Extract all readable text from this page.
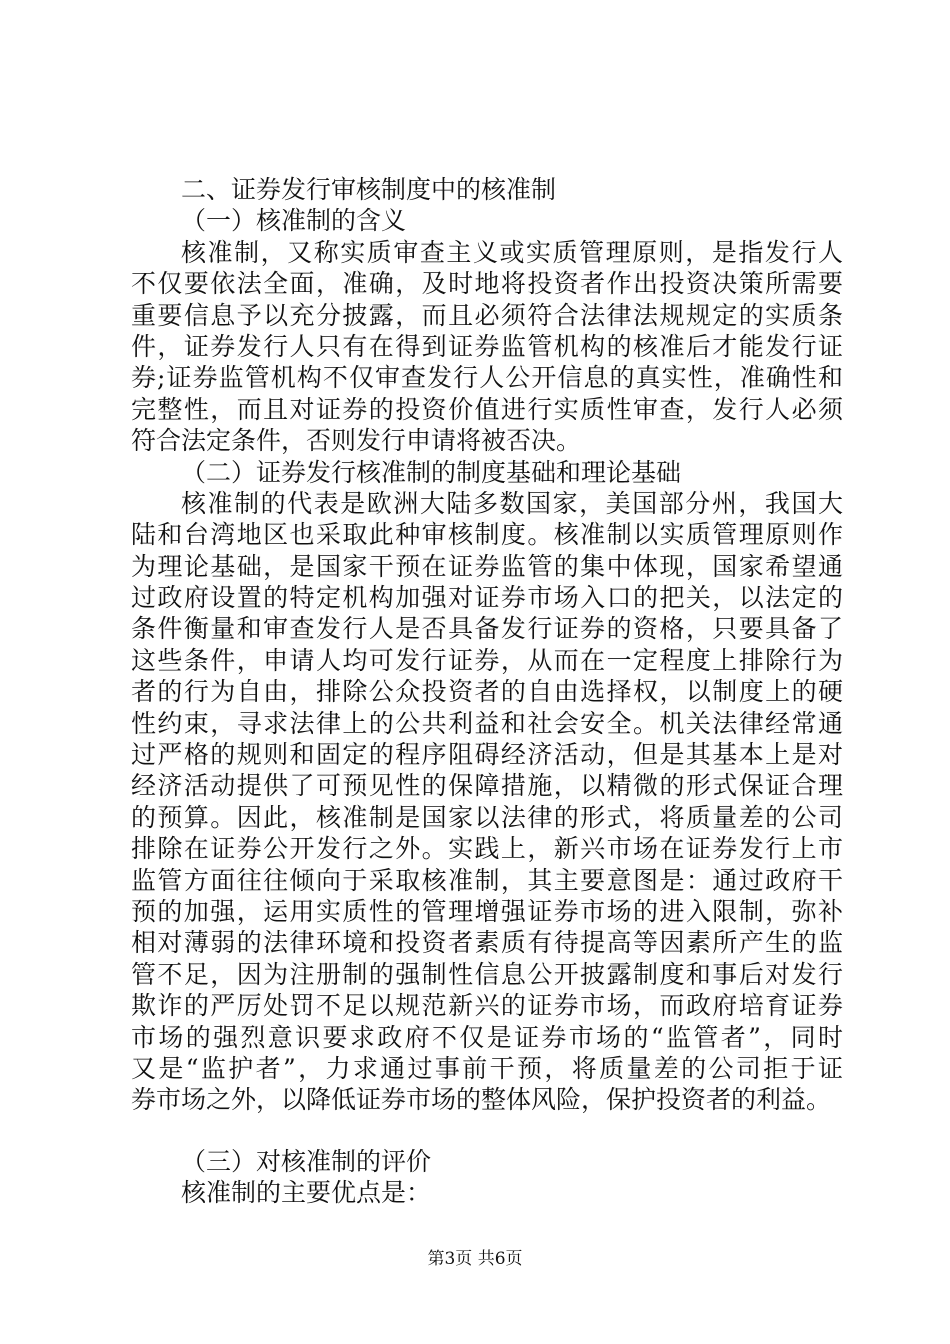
二、证券发行审核制度中的核准制
（一）核准制的含义
核准制，又称实质审查主义或实质管理原则，是指发行人
不仅要依法全面，准确，及时地将投资者作出投资决策所需要
重要信息予以充分披露，而且必须符合法律法规规定的实质条
件，证券发行人只有在得到证券监管机构的核准后才能发行证
券;证券监管机构不仅审查发行人公开信息的真实性，准确性和
完整性，而且对证券的投资价值进行实质性审查，发行人必须
符合法定条件，否则发行申请将被否决。
（二）证券发行核准制的制度基础和理论基础
核准制的代表是欧洲大陆多数国家，美国部分州，我国大
陆和台湾地区也采取此种审核制度。核准制以实质管理原则作
为理论基础，是国家干预在证券监管的集中体现，国家希望通
过政府设置的特定机构加强对证券市场入口的把关，以法定的
条件衡量和审查发行人是否具备发行证券的资格，只要具备了
这些条件，申请人均可发行证券，从而在一定程度上排除行为
者的行为自由，排除公众投资者的自由选择权，以制度上的硬
性约束，寻求法律上的公共利益和社会安全。机关法律经常通
过严格的规则和固定的程序阻碍经济活动，但是其基本上是对
经济活动提供了可预见性的保障措施，以精微的形式保证合理
的预算。因此，核准制是国家以法律的形式，将质量差的公司
排除在证券公开发行之外。实践上，新兴市场在证券发行上市
监管方面往往倾向于采取核准制，其主要意图是：通过政府干
预的加强，运用实质性的管理增强证券市场的进入限制，弥补
相对薄弱的法律环境和投资者素质有待提高等因素所产生的监
管不足，因为注册制的强制性信息公开披露制度和事后对发行
欺诈的严厉处罚不足以规范新兴的证券市场，而政府培育证券
市场的强烈意识要求政府不仅是证券市场的“监管者”，同时
又是“监护者”，力求通过事前干预，将质量差的公司拒于证
券市场之外，以降低证券市场的整体风险，保护投资者的利益。
（三）对核准制的评价
核准制的主要优点是：
第3页 共6页
